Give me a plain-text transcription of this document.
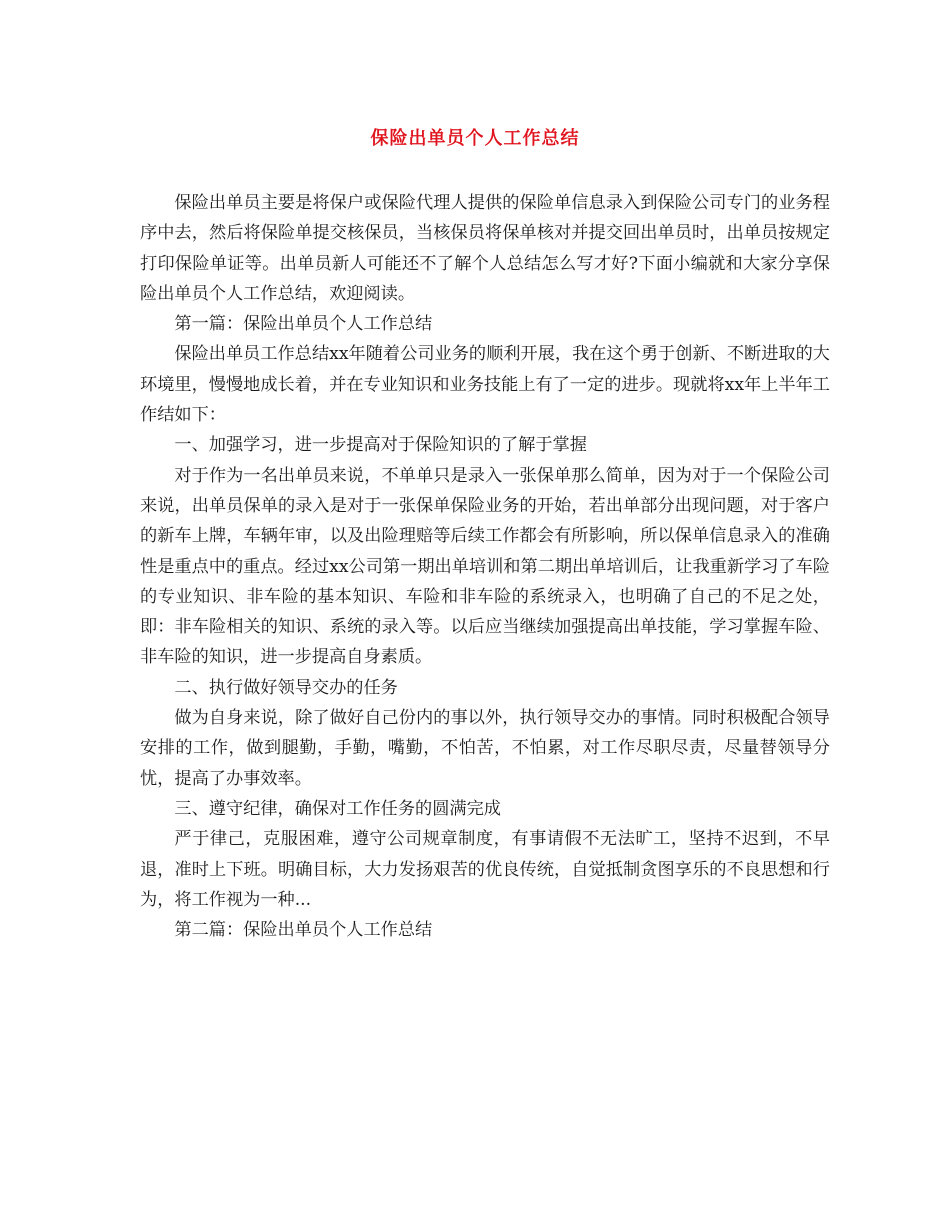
保险出单员个人工作总结

保险出单员主要是将保户或保险代理人提供的保险单信息录入到保险公司专门的业务程序中去，然后将保险单提交核保员，当核保员将保单核对并提交回出单员时，出单员按规定打印保险单证等。出单员新人可能还不了解个人总结怎么写才好?下面小编就和大家分享保险出单员个人工作总结，欢迎阅读。

第一篇：保险出单员个人工作总结

保险出单员工作总结xx年随着公司业务的顺利开展，我在这个勇于创新、不断进取的大环境里，慢慢地成长着，并在专业知识和业务技能上有了一定的进步。现就将xx年上半年工作结如下：

一、加强学习，进一步提高对于保险知识的了解于掌握

对于作为一名出单员来说，不单单只是录入一张保单那么简单，因为对于一个保险公司来说，出单员保单的录入是对于一张保单保险业务的开始，若出单部分出现问题，对于客户的新车上牌，车辆年审，以及出险理赔等后续工作都会有所影响，所以保单信息录入的准确性是重点中的重点。经过xx公司第一期出单培训和第二期出单培训后，让我重新学习了车险的专业知识、非车险的基本知识、车险和非车险的系统录入，也明确了自己的不足之处，即：非车险相关的知识、系统的录入等。以后应当继续加强提高出单技能，学习掌握车险、非车险的知识，进一步提高自身素质。

二、执行做好领导交办的任务

做为自身来说，除了做好自己份内的事以外，执行领导交办的事情。同时积极配合领导安排的工作，做到腿勤，手勤，嘴勤，不怕苦，不怕累，对工作尽职尽责，尽量替领导分忧，提高了办事效率。

三、遵守纪律，确保对工作任务的圆满完成

严于律己，克服困难，遵守公司规章制度，有事请假不无法旷工，坚持不迟到，不早退，准时上下班。明确目标，大力发扬艰苦的优良传统，自觉抵制贪图享乐的不良思想和行为，将工作视为一种...

第二篇：保险出单员个人工作总结
